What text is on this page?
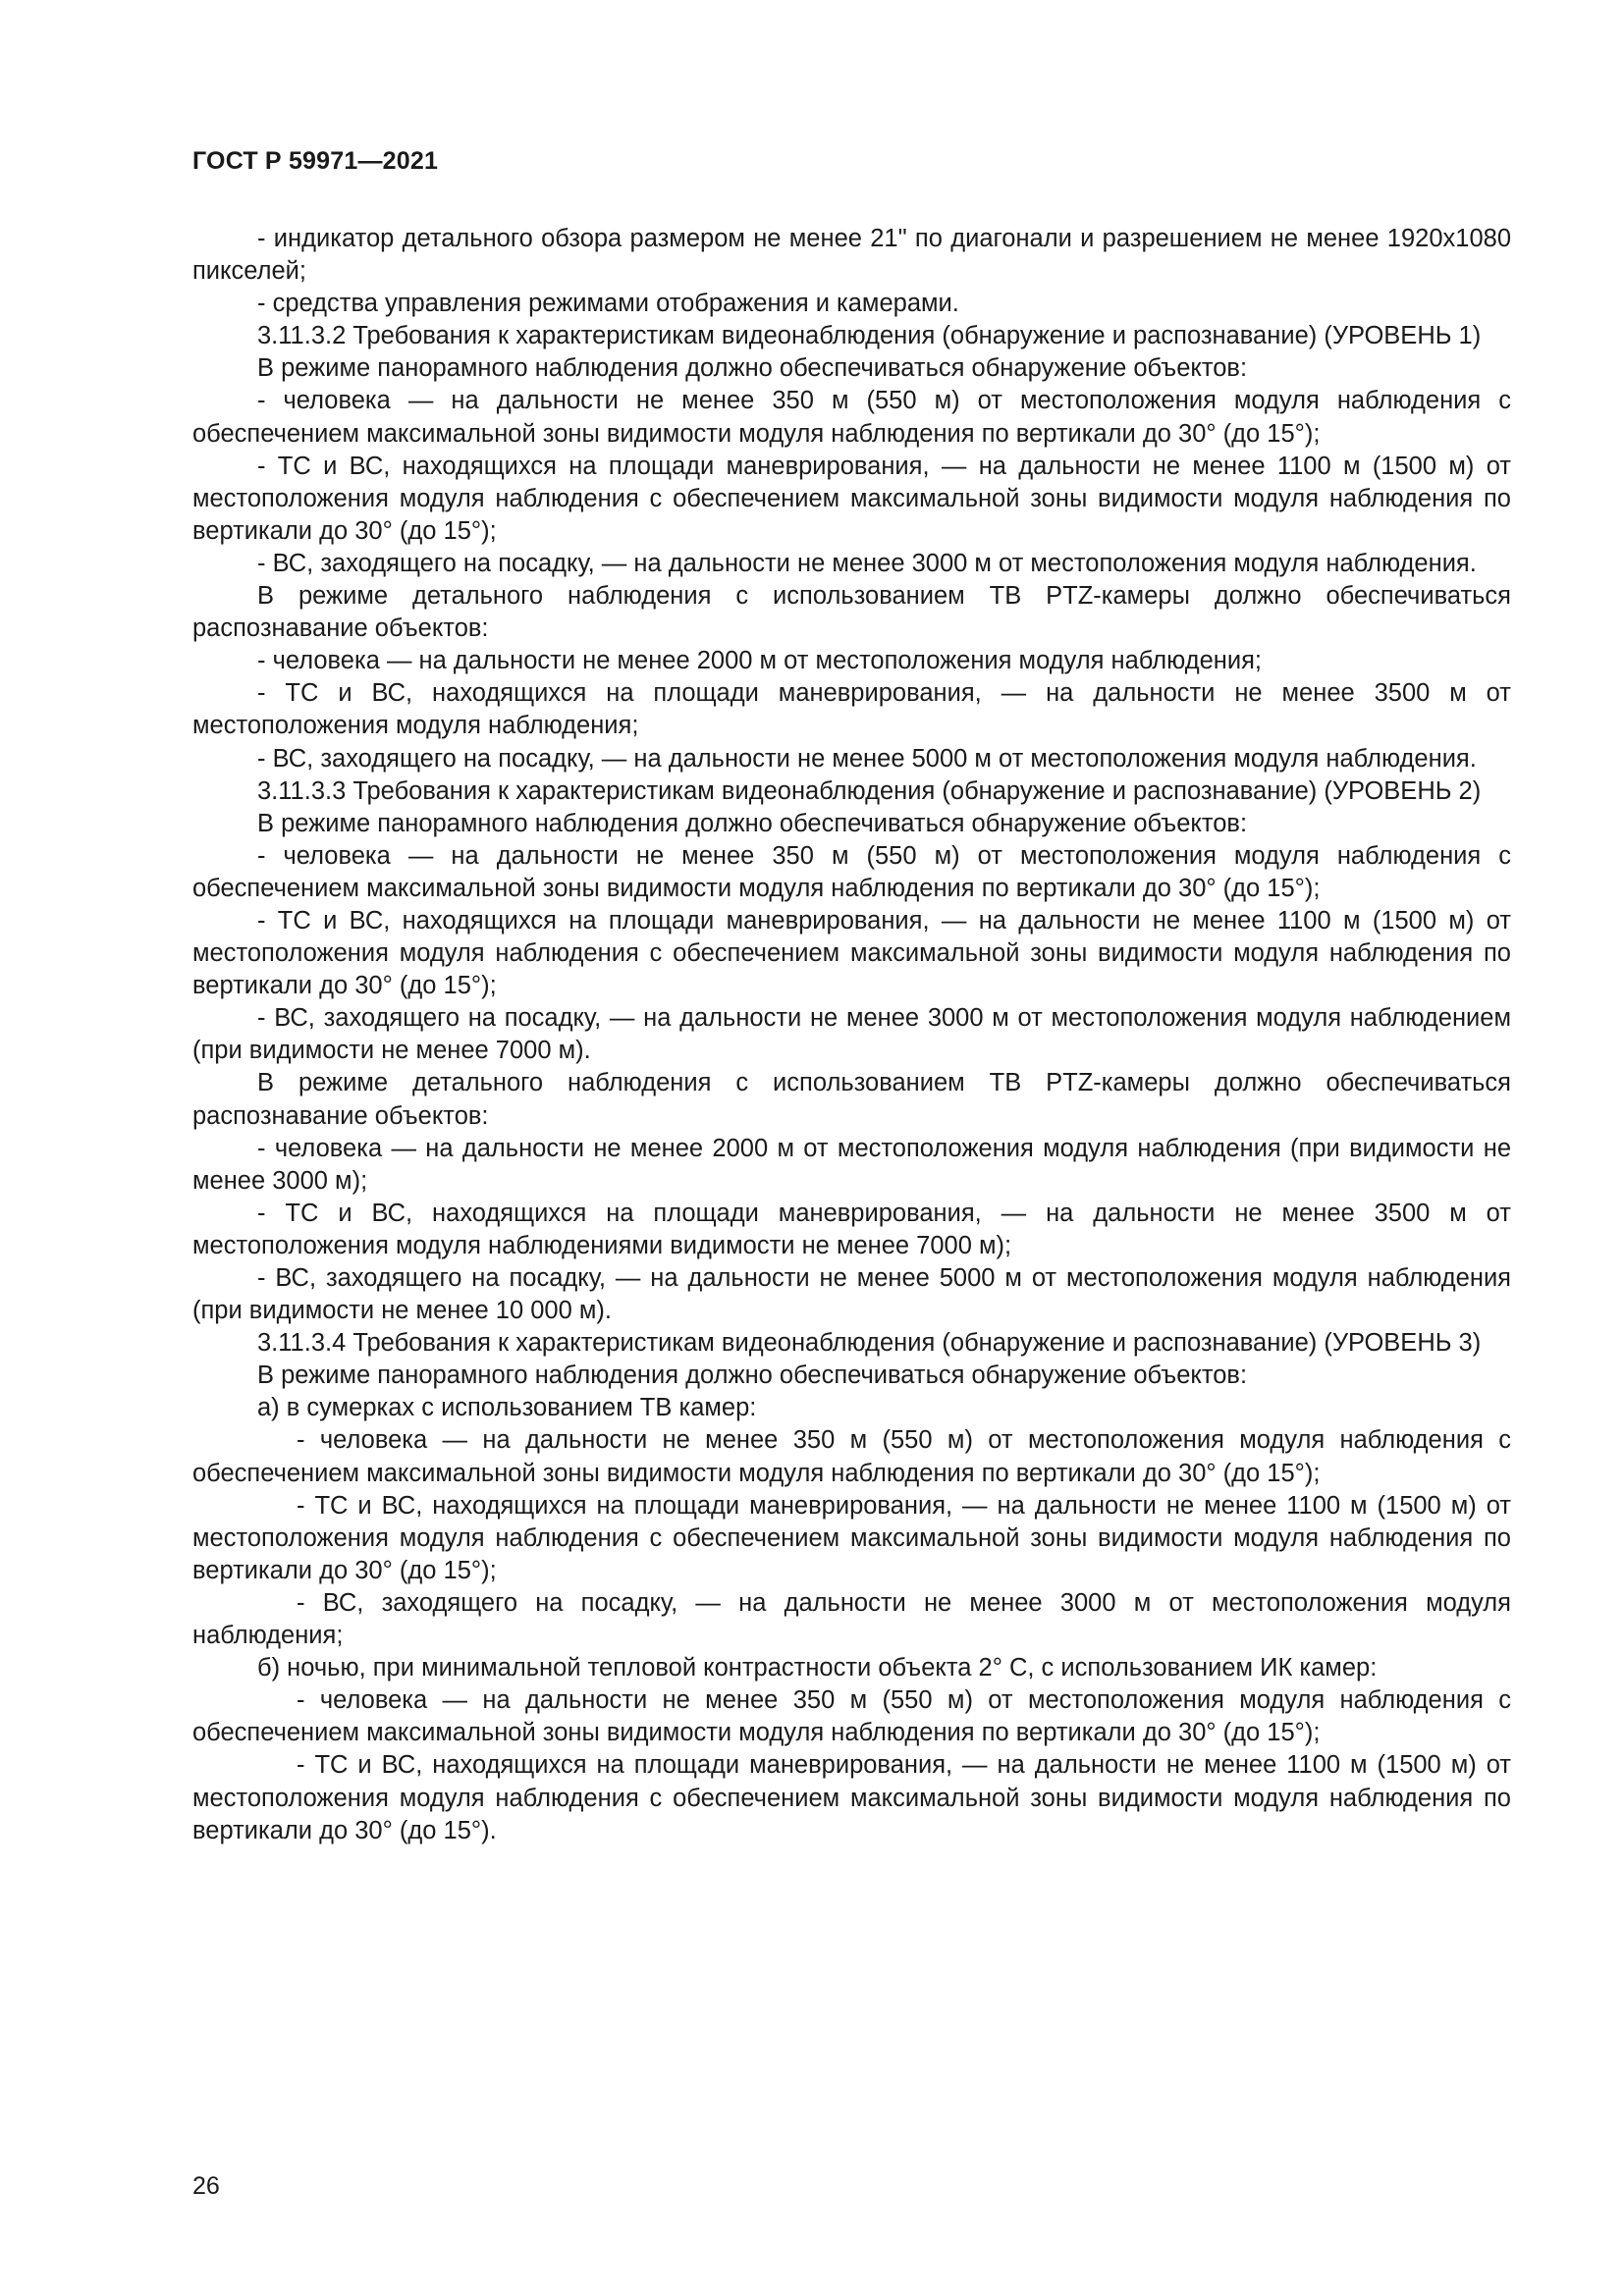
ГОСТ Р 59971—2021

- индикатор детального обзора размером не менее 21" по диагонали и разрешением не менее 1920x1080 пикселей;

- средства управления режимами отображения и камерами.

3.11.3.2 Требования к характеристикам видеонаблюдения (обнаружение и распознавание) (УРОВЕНЬ 1)

В режиме панорамного наблюдения должно обеспечиваться обнаружение объектов:

- человека — на дальности не менее 350 м (550 м) от местоположения модуля наблюдения с обеспечением максимальной зоны видимости модуля наблюдения по вертикали до 30° (до 15°);

- ТС и ВС, находящихся на площади маневрирования, — на дальности не менее 1100 м (1500 м) от местоположения модуля наблюдения с обеспечением максимальной зоны видимости модуля наблюдения по вертикали до 30° (до 15°);

- ВС, заходящего на посадку, — на дальности не менее 3000 м от местоположения модуля наблюдения.

В режиме детального наблюдения с использованием ТВ PTZ-камеры должно обеспечиваться распознавание объектов:

- человека — на дальности не менее 2000 м от местоположения модуля наблюдения;

- ТС и ВС, находящихся на площади маневрирования, — на дальности не менее 3500 м от местоположения модуля наблюдения;

- ВС, заходящего на посадку, — на дальности не менее 5000 м от местоположения модуля наблюдения.

3.11.3.3 Требования к характеристикам видеонаблюдения (обнаружение и распознавание) (УРОВЕНЬ 2)

В режиме панорамного наблюдения должно обеспечиваться обнаружение объектов:

- человека — на дальности не менее 350 м (550 м) от местоположения модуля наблюдения с обеспечением максимальной зоны видимости модуля наблюдения по вертикали до 30° (до 15°);

- ТС и ВС, находящихся на площади маневрирования, — на дальности не менее 1100 м (1500 м) от местоположения модуля наблюдения с обеспечением максимальной зоны видимости модуля наблюдения по вертикали до 30° (до 15°);

- ВС, заходящего на посадку, — на дальности не менее 3000 м от местоположения модуля наблюдением (при видимости не менее 7000 м).

В режиме детального наблюдения с использованием ТВ PTZ-камеры должно обеспечиваться распознавание объектов:

- человека — на дальности не менее 2000 м от местоположения модуля наблюдения (при видимости не менее 3000 м);

- ТС и ВС, находящихся на площади маневрирования, — на дальности не менее 3500 м от местоположения модуля наблюдениями видимости не менее 7000 м);

- ВС, заходящего на посадку, — на дальности не менее 5000 м от местоположения модуля наблюдения (при видимости не менее 10 000 м).

3.11.3.4 Требования к характеристикам видеонаблюдения (обнаружение и распознавание) (УРОВЕНЬ 3)

В режиме панорамного наблюдения должно обеспечиваться обнаружение объектов:

а) в сумерках с использованием ТВ камер:

- человека — на дальности не менее 350 м (550 м) от местоположения модуля наблюдения с обеспечением максимальной зоны видимости модуля наблюдения по вертикали до 30° (до 15°);

- ТС и ВС, находящихся на площади маневрирования, — на дальности не менее 1100 м (1500 м) от местоположения модуля наблюдения с обеспечением максимальной зоны видимости модуля наблюдения по вертикали до 30° (до 15°);

- ВС, заходящего на посадку, — на дальности не менее 3000 м от местоположения модуля наблюдения;

б) ночью, при минимальной тепловой контрастности объекта 2° С, с использованием ИК камер:

- человека — на дальности не менее 350 м (550 м) от местоположения модуля наблюдения с обеспечением максимальной зоны видимости модуля наблюдения по вертикали до 30° (до 15°);

- ТС и ВС, находящихся на площади маневрирования, — на дальности не менее 1100 м (1500 м) от местоположения модуля наблюдения с обеспечением максимальной зоны видимости модуля наблюдения по вертикали до 30° (до 15°).

26
